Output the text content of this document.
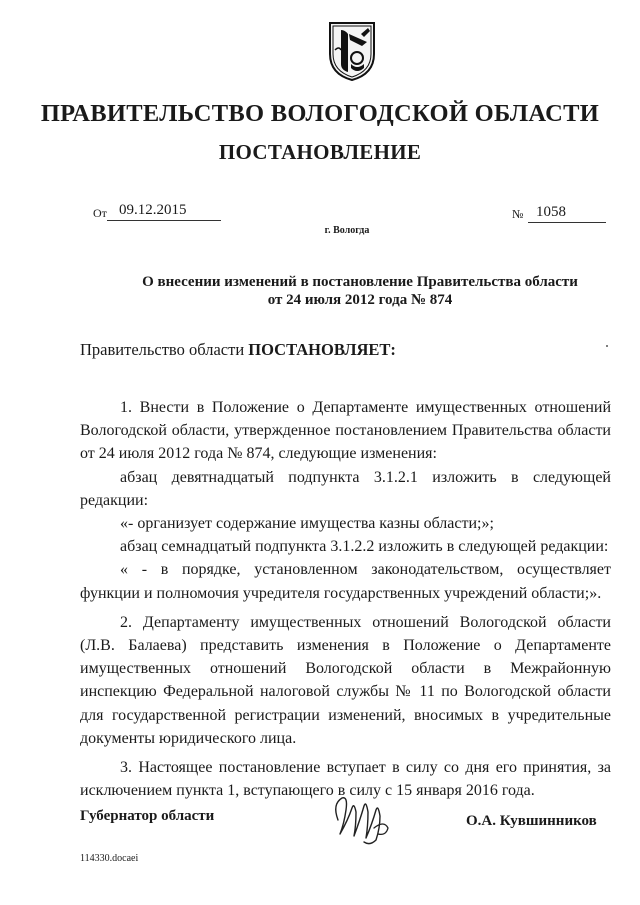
ПРАВИТЕЛЬСТВО ВОЛОГОДСКОЙ ОБЛАСТИ
ПОСТАНОВЛЕНИЕ
От 09.12.2015	№ 1058
г. Вологда
О внесении изменений в постановление Правительства области
от 24 июля 2012 года № 874
Правительство области ПОСТАНОВЛЯЕТ:

1. Внести в Положение о Департаменте имущественных отношений Вологодской области, утвержденное постановлением Правительства области от 24 июля 2012 года № 874, следующие изменения:

абзац девятнадцатый подпункта 3.1.2.1 изложить в следующей редакции:

«- организует содержание имущества казны области;»;

абзац семнадцатый подпункта 3.1.2.2 изложить в следующей редакции:

« - в порядке, установленном законодательством, осуществляет функции и полномочия учредителя государственных учреждений области;».

2. Департаменту имущественных отношений Вологодской области (Л.В. Балаева) представить изменения в Положение о Департаменте имущественных отношений Вологодской области в Межрайонную инспекцию Федеральной налоговой службы № 11 по Вологодской области для государственной регистрации изменений, вносимых в учредительные документы юридического лица.

3. Настоящее постановление вступает в силу со дня его принятия, за исключением пункта 1, вступающего в силу с 15 января 2016 года.

Губернатор области	О.А. Кувшинников
114330.docaei
